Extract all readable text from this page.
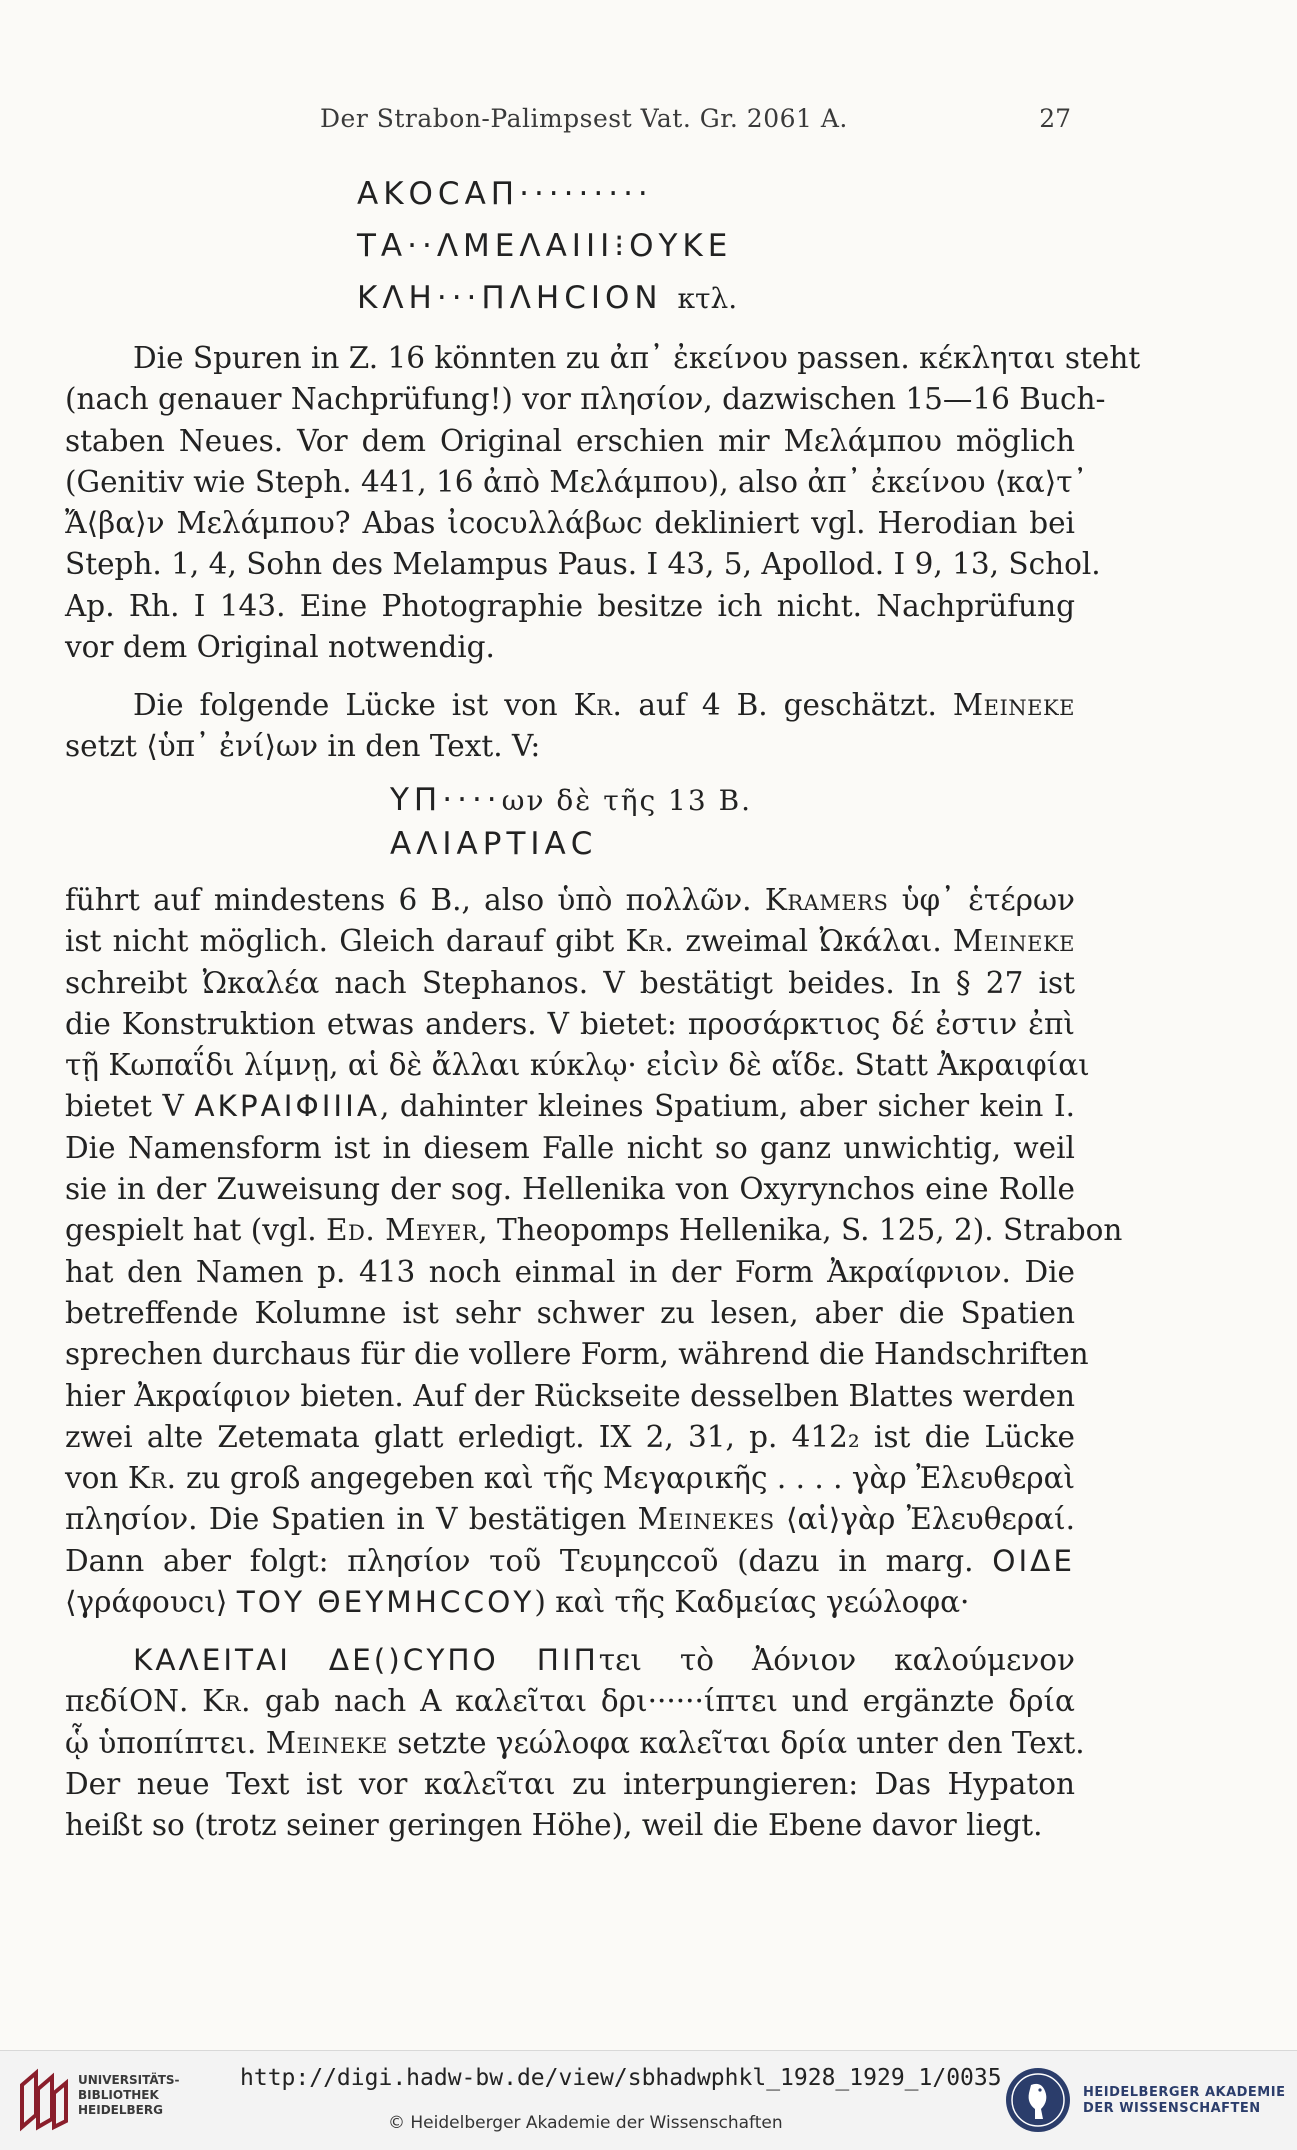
Der Strabon-Palimpsest Vat. Gr. 2061 A.	27
ΑΚΟCΑΠ·········
ΤΑ··ΛΜΕΛΑΙΙΙ⁝ΟΥΚΕ
ΚΛΗ···ΠΛΗCΙΟΝ κτλ.
Die Spuren in Z. 16 könnten zu ἀπ᾿ ἐκείνου passen. κέκληται steht
(nach genauer Nachprüfung!) vor πλησίον, dazwischen 15—16 Buch-
staben Neues. Vor dem Original erschien mir Μελάμπου möglich
(Genitiv wie Steph. 441, 16 ἀπὸ Μελάμπου), also ἀπ᾿ ἐκείνου ⟨κα⟩τ᾿
Ἄ⟨βα⟩ν Μελάμπου? Abas ἰcocυλλάβωc dekliniert vgl. Herodian bei
Steph. 1, 4, Sohn des Melampus Paus. I 43, 5, Apollod. I 9, 13, Schol.
Ap. Rh. I 143. Eine Photographie besitze ich nicht. Nachprüfung
vor dem Original notwendig.
Die folgende Lücke ist von Kr. auf 4 B. geschätzt. Meineke
setzt ⟨ὑπ᾿ ἐνί⟩ων in den Text. V:
ΥΠ····ων δὲ τῆς 13 B.
ΑΛΙΑΡΤΙΑC
führt auf mindestens 6 B., also ὑπὸ πολλῶν. Kramers ὑφ᾿ ἑτέρων
ist nicht möglich. Gleich darauf gibt Kr. zweimal Ὠκάλαι. Meineke
schreibt Ὠκαλέα nach Stephanos. V bestätigt beides. In § 27 ist
die Konstruktion etwas anders. V bietet: προσάρκτιος δέ ἐστιν ἐπὶ
τῇ Κωπαΐδι λίμνῃ, αἱ δὲ ἄλλαι κύκλῳ· εἰcὶν δὲ αἵδε. Statt Ἀκραιφίαι
bietet V ΑΚΡΑΙΦΙΙΙΑ, dahinter kleines Spatium, aber sicher kein I.
Die Namensform ist in diesem Falle nicht so ganz unwichtig, weil
sie in der Zuweisung der sog. Hellenika von Oxyrynchos eine Rolle
gespielt hat (vgl. Ed. Meyer, Theopomps Hellenika, S. 125, 2). Strabon
hat den Namen p. 413 noch einmal in der Form Ἀκραίφνιον. Die
betreffende Kolumne ist sehr schwer zu lesen, aber die Spatien
sprechen durchaus für die vollere Form, während die Handschriften
hier Ἀκραίφιον bieten. Auf der Rückseite desselben Blattes werden
zwei alte Zetemata glatt erledigt. IX 2, 31, p. 412₂ ist die Lücke
von Kr. zu groß angegeben καὶ τῆς Μεγαρικῆς . . . . γὰρ Ἐλευθεραὶ
πλησίον. Die Spatien in V bestätigen Meinekes ⟨αἱ⟩γὰρ Ἐλευθεραί.
Dann aber folgt: πλησίον τοῦ Τευμηccοῦ (dazu in marg. ΟΙΔΕ
⟨γράφουcι⟩ ΤΟΥ ΘΕΥΜΗCCΟΥ) καὶ τῆς Καδμείας γεώλοφα·
ΚΑΛΕΙΤΑΙ ΔΕ()CΥΠΟ ΠΙΠτει τὸ Ἀόνιον καλούμενον
πεδίΟΝ. Kr. gab nach A καλεῖται δρι······ίπτει und ergänzte δρία
ᾧ ὑποπίπτει. Meineke setzte γεώλοφα καλεῖται δρία unter den Text.
Der neue Text ist vor καλεῖται zu interpungieren: Das Hypaton
heißt so (trotz seiner geringen Höhe), weil die Ebene davor liegt.
UNIVERSITÄTS-
BIBLIOTHEK
HEIDELBERG
http://digi.hadw-bw.de/view/sbhadwphkl_1928_1929_1/0035
© Heidelberger Akademie der Wissenschaften
HEIDELBERGER AKADEMIE
DER WISSENSCHAFTEN
